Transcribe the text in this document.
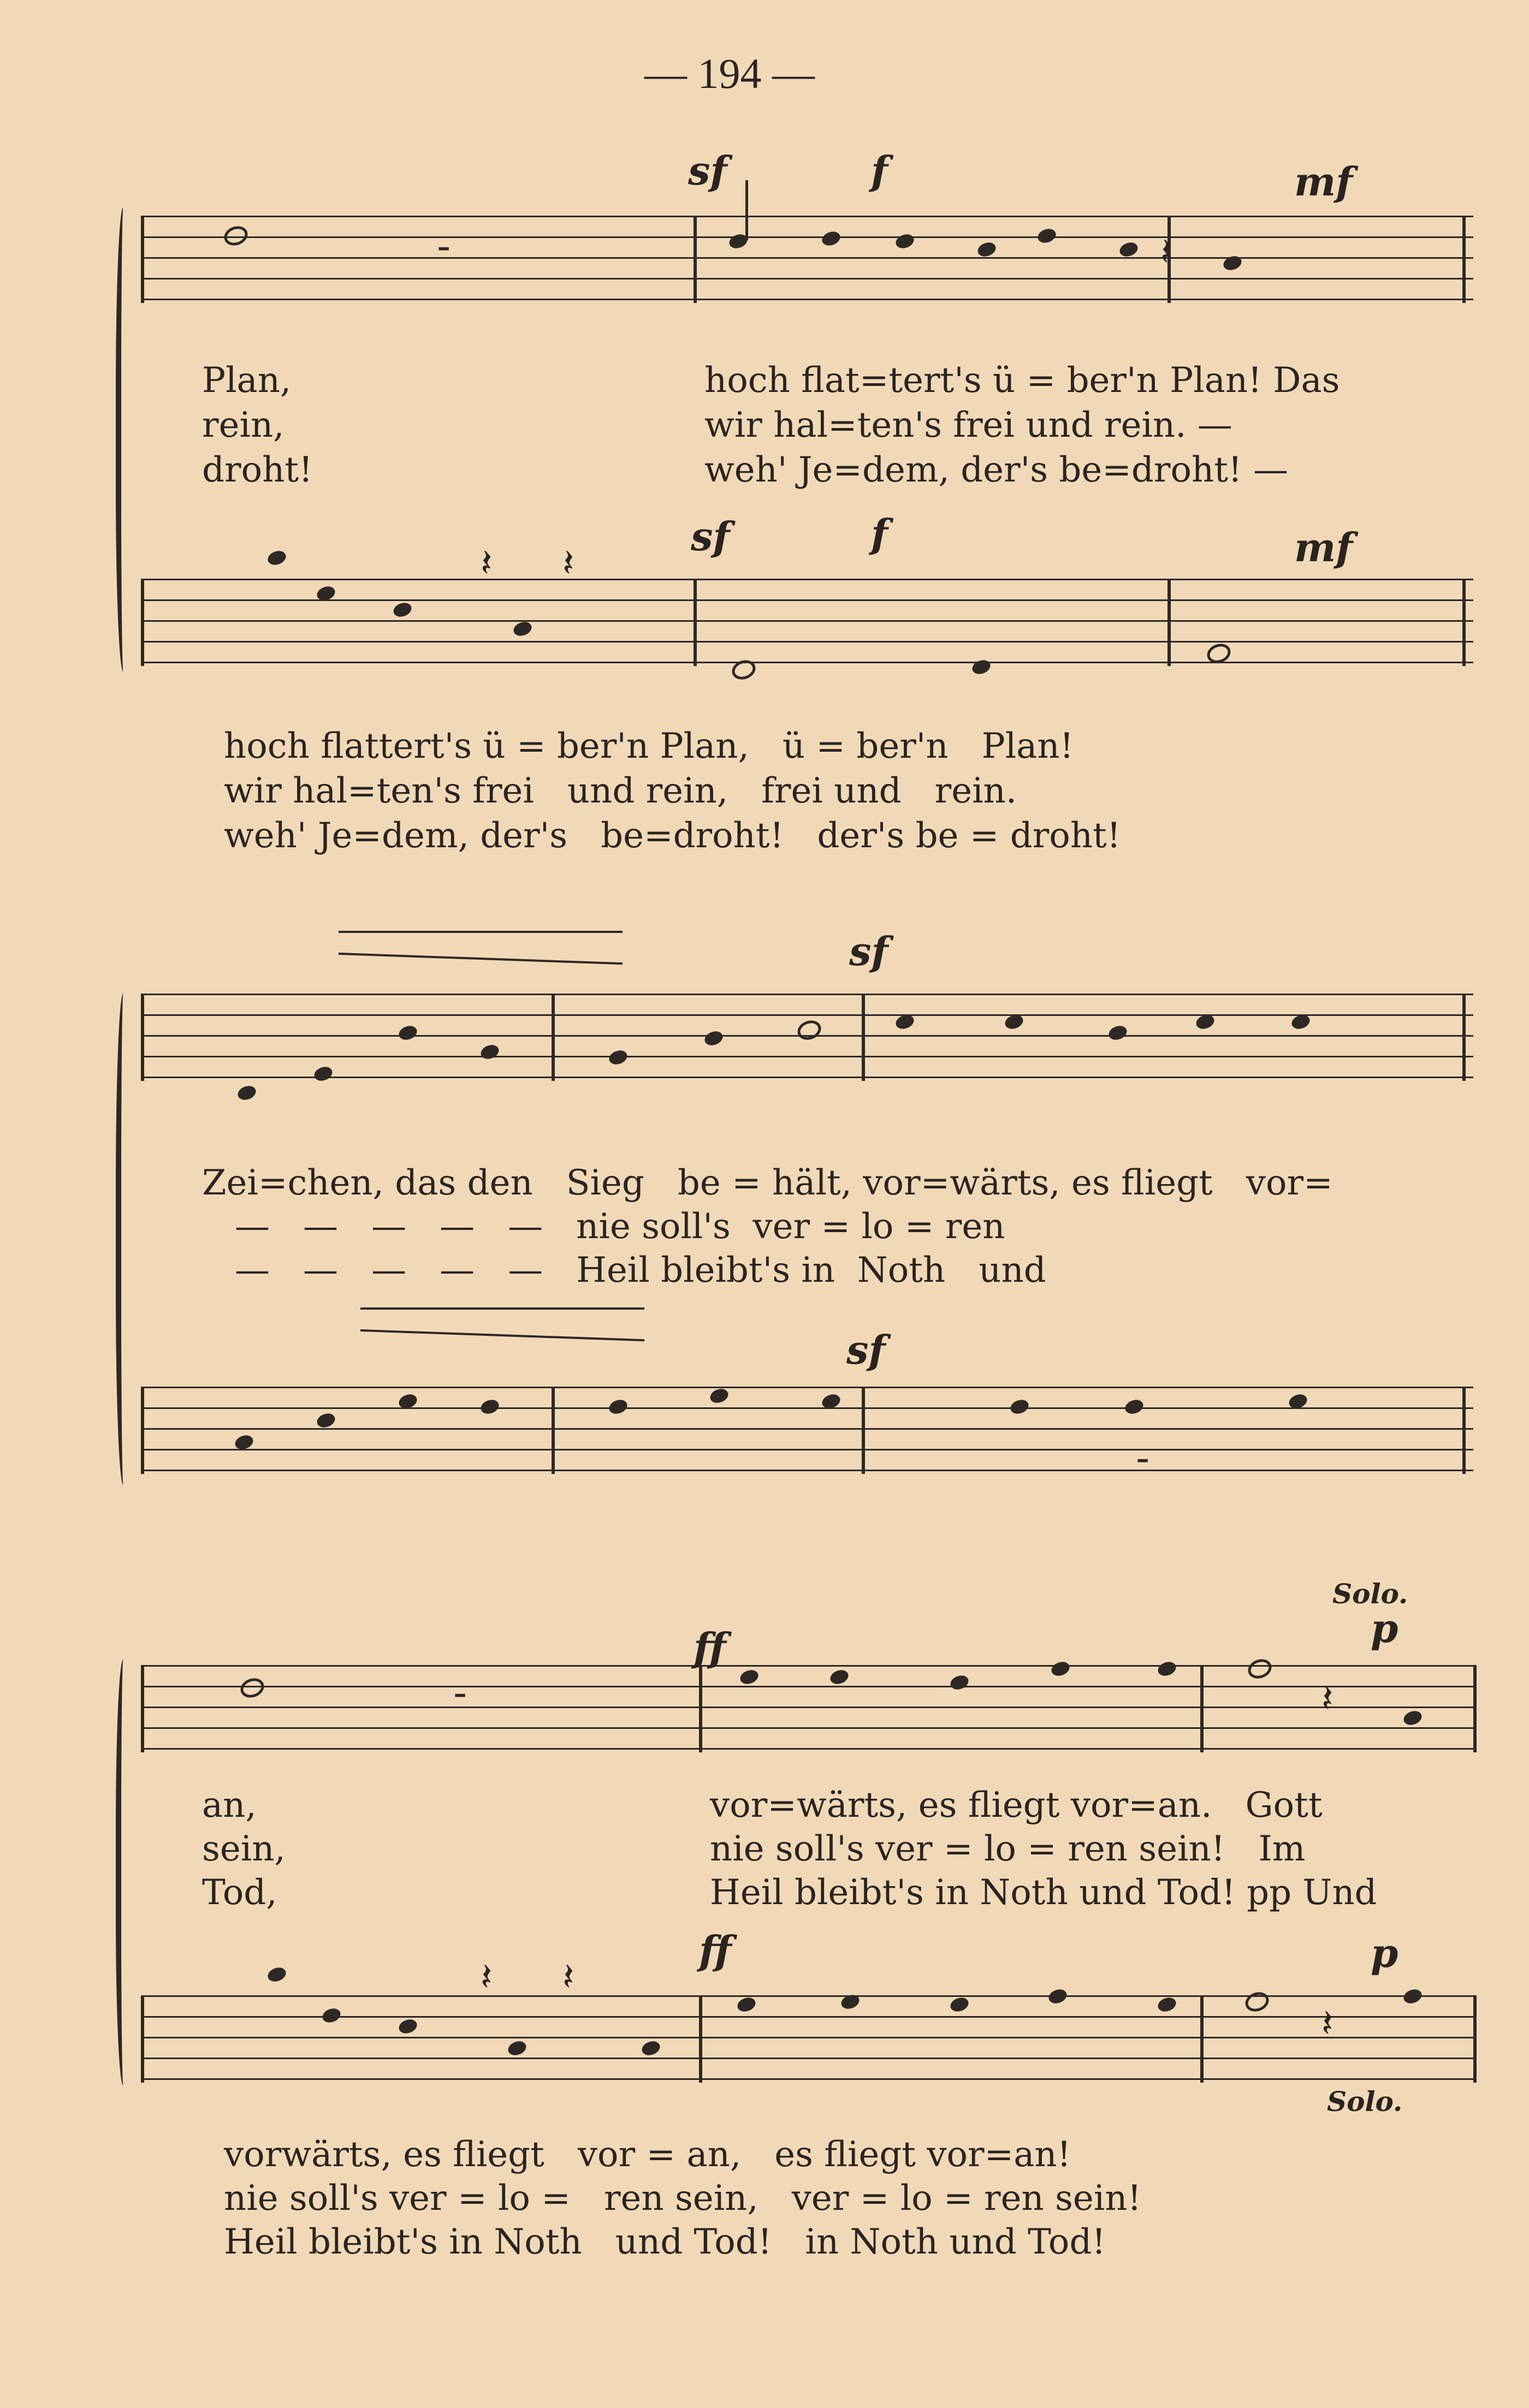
— 194 —
-	𝄽
sf	f	mf
Plan,	hoch flat=tert's ü = ber'n Plan! Das
rein,	wir hal=ten's frei und rein. —
droht!	weh' Je=dem, der's be=droht! —
𝄽 𝄽
sf	f	mf
hoch flattert's ü = ber'n Plan,   ü = ber'n   Plan!
wir hal=ten's frei   und rein,   frei und   rein.
weh' Je=dem, der's   be=droht!   der's be = droht!
sf
Zei=chen, das den   Sieg   be = hält, vor=wärts, es fliegt   vor=
—   —   —   —   —   nie soll's  ver = lo = ren
—   —   —   —   —   Heil bleibt's in  Noth   und
-
sf
Solo.
-	𝄽
ff	p
an,	vor=wärts, es fliegt vor=an.   Gott
sein,	nie soll's ver = lo = ren sein!   Im
Tod,	Heil bleibt's in Noth und Tod! pp Und
𝄽 𝄽
𝄽
ff	p
Solo.
vorwärts, es fliegt   vor = an,   es fliegt vor=an!
nie soll's ver = lo =   ren sein,   ver = lo = ren sein!
Heil bleibt's in Noth   und Tod!   in Noth und Tod!
